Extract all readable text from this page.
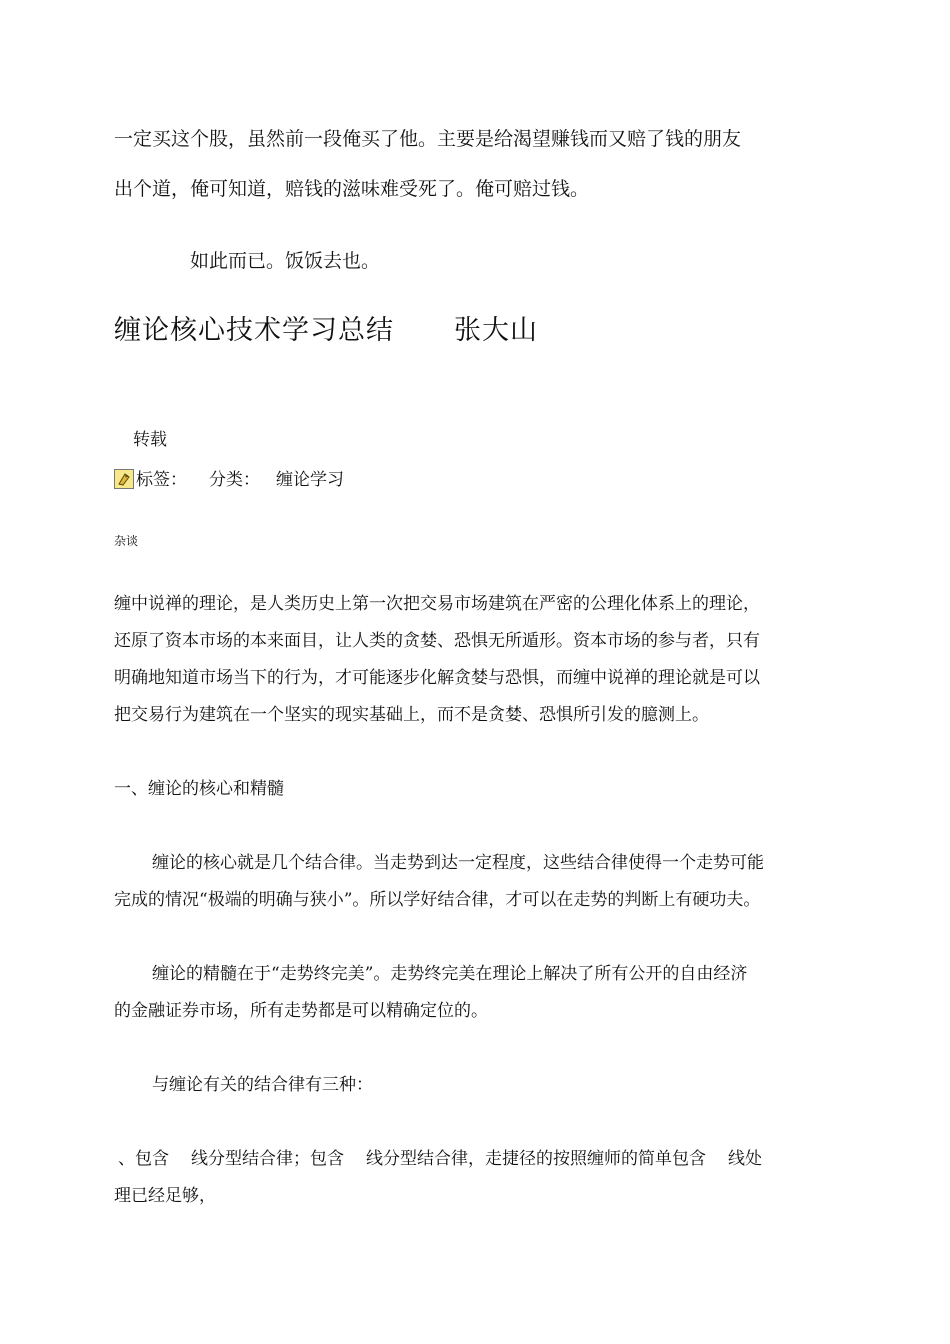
一定买这个股，虽然前一段俺买了他。主要是给渴望赚钱而又赔了钱的朋友

出个道，俺可知道，赔钱的滋味难受死了。俺可赔过钱。

如此而已。饭饭去也。

缠论核心技术学习总结 张大山

转载

标签： 分类： 缠论学习

杂谈

缠中说禅的理论，是人类历史上第一次把交易市场建筑在严密的公理化体系上的理论，

还原了资本市场的本来面目，让人类的贪婪、恐惧无所遁形。资本市场的参与者，只有

明确地知道市场当下的行为，才可能逐步化解贪婪与恐惧，而缠中说禅的理论就是可以

把交易行为建筑在一个坚实的现实基础上，而不是贪婪、恐惧所引发的臆测上。

一、缠论的核心和精髓

缠论的核心就是几个结合律。当走势到达一定程度，这些结合律使得一个走势可能

完成的情况“极端的明确与狭小”。所以学好结合律，才可以在走势的判断上有硬功夫。

缠论的精髓在于“走势终完美”。走势终完美在理论上解决了所有公开的自由经济

的金融证券市场，所有走势都是可以精确定位的。

与缠论有关的结合律有三种：

、包含 线分型结合律；包含 线分型结合律，走捷径的按照缠师的简单包含 线处

理已经足够，
